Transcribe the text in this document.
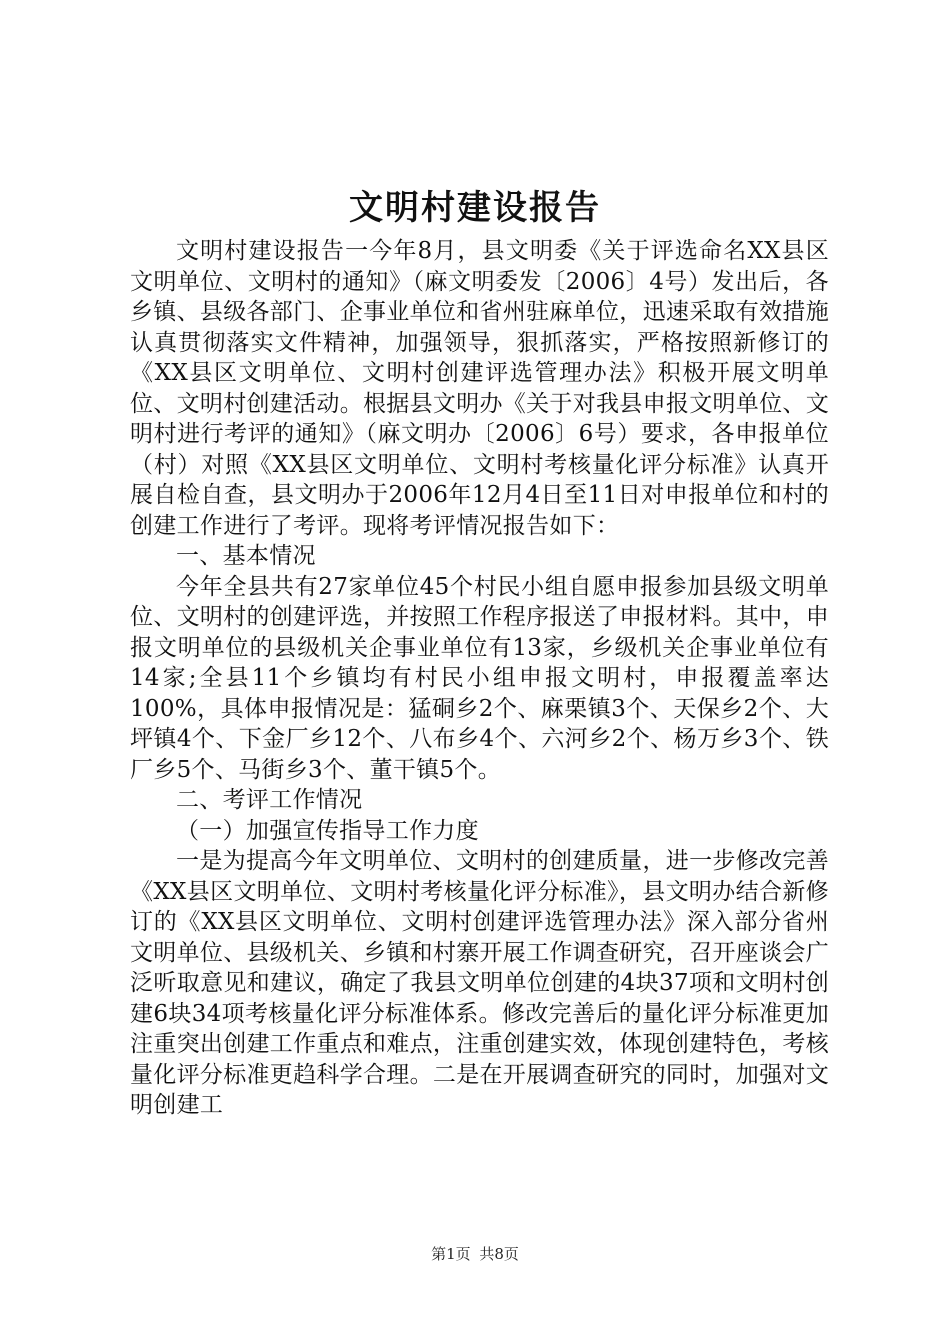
文明村建设报告

文明村建设报告一今年8月，县文明委《关于评选命名XX县区文明单位、文明村的通知》（麻文明委发〔2006〕4号）发出后，各乡镇、县级各部门、企事业单位和省州驻麻单位，迅速采取有效措施认真贯彻落实文件精神，加强领导，狠抓落实，严格按照新修订的《XX县区文明单位、文明村创建评选管理办法》积极开展文明单位、文明村创建活动。根据县文明办《关于对我县申报文明单位、文明村进行考评的通知》（麻文明办〔2006〕6号）要求，各申报单位（村）对照《XX县区文明单位、文明村考核量化评分标准》认真开展自检自查，县文明办于2006年12月4日至11日对申报单位和村的创建工作进行了考评。现将考评情况报告如下：

一、基本情况

今年全县共有27家单位45个村民小组自愿申报参加县级文明单位、文明村的创建评选，并按照工作程序报送了申报材料。其中，申报文明单位的县级机关企事业单位有13家，乡级机关企事业单位有14家;全县11个乡镇均有村民小组申报文明村，申报覆盖率达100%，具体申报情况是：猛硐乡2个、麻栗镇3个、天保乡2个、大坪镇4个、下金厂乡12个、八布乡4个、六河乡2个、杨万乡3个、铁厂乡5个、马街乡3个、董干镇5个。

二、考评工作情况

（一）加强宣传指导工作力度

一是为提高今年文明单位、文明村的创建质量，进一步修改完善《XX县区文明单位、文明村考核量化评分标准》，县文明办结合新修订的《XX县区文明单位、文明村创建评选管理办法》深入部分省州文明单位、县级机关、乡镇和村寨开展工作调查研究，召开座谈会广泛听取意见和建议，确定了我县文明单位创建的4块37项和文明村创建6块34项考核量化评分标准体系。修改完善后的量化评分标准更加注重突出创建工作重点和难点，注重创建实效，体现创建特色，考核量化评分标准更趋科学合理。二是在开展调查研究的同时，加强对文明创建工

第1页 共8页
